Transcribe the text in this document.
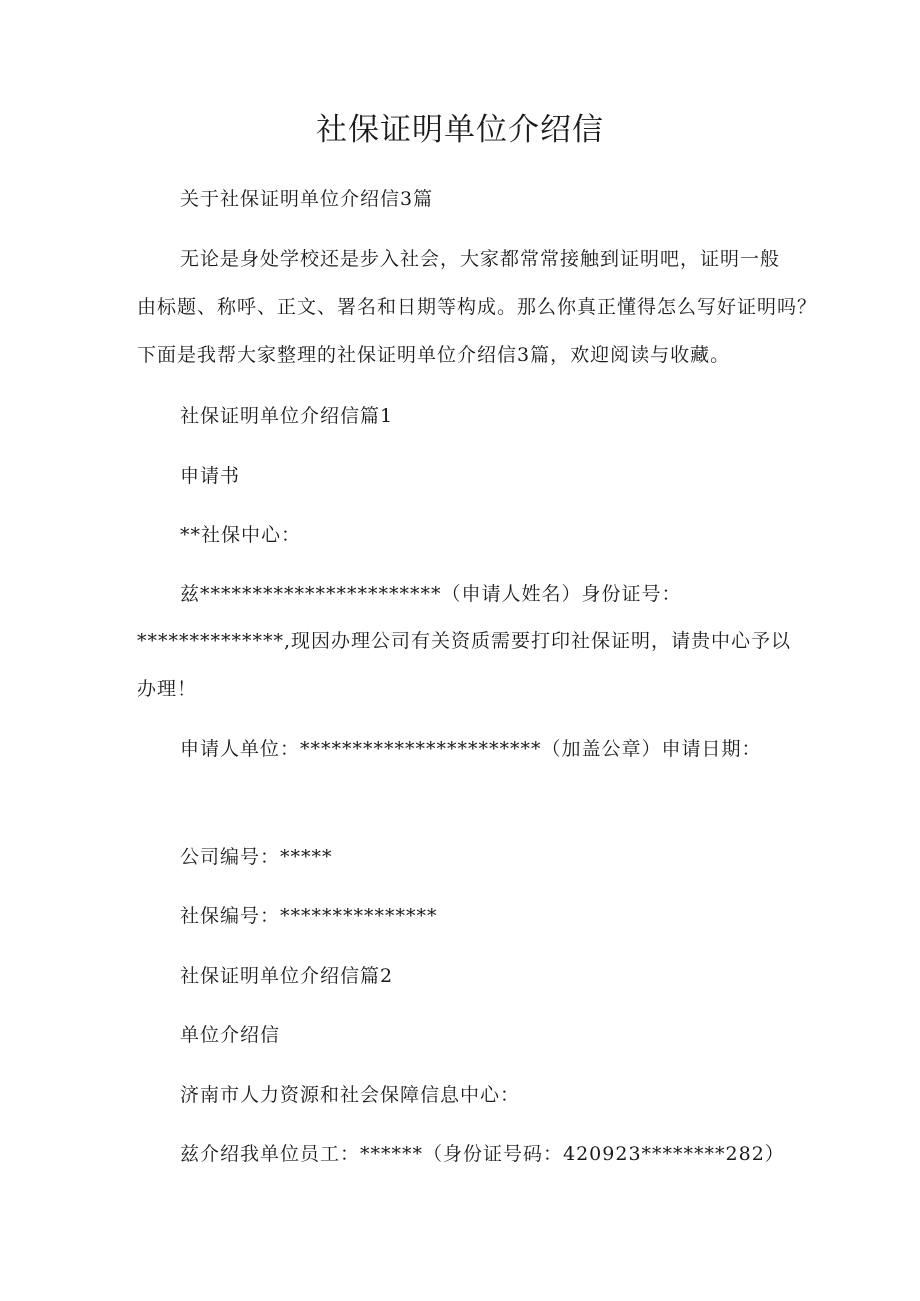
社保证明单位介绍信
关于社保证明单位介绍信3篇
无论是身处学校还是步入社会，大家都常常接触到证明吧，证明一般
由标题、称呼、正文、署名和日期等构成。那么你真正懂得怎么写好证明吗？
下面是我帮大家整理的社保证明单位介绍信3篇，欢迎阅读与收藏。
社保证明单位介绍信篇1
申请书
**社保中心：
兹***********************（申请人姓名）身份证号：
**************,现因办理公司有关资质需要打印社保证明，请贵中心予以
办理！
申请人单位：***********************（加盖公章）申请日期：
公司编号：*****
社保编号：***************
社保证明单位介绍信篇2
单位介绍信
济南市人力资源和社会保障信息中心：
兹介绍我单位员工：******（身份证号码：420923********282）
